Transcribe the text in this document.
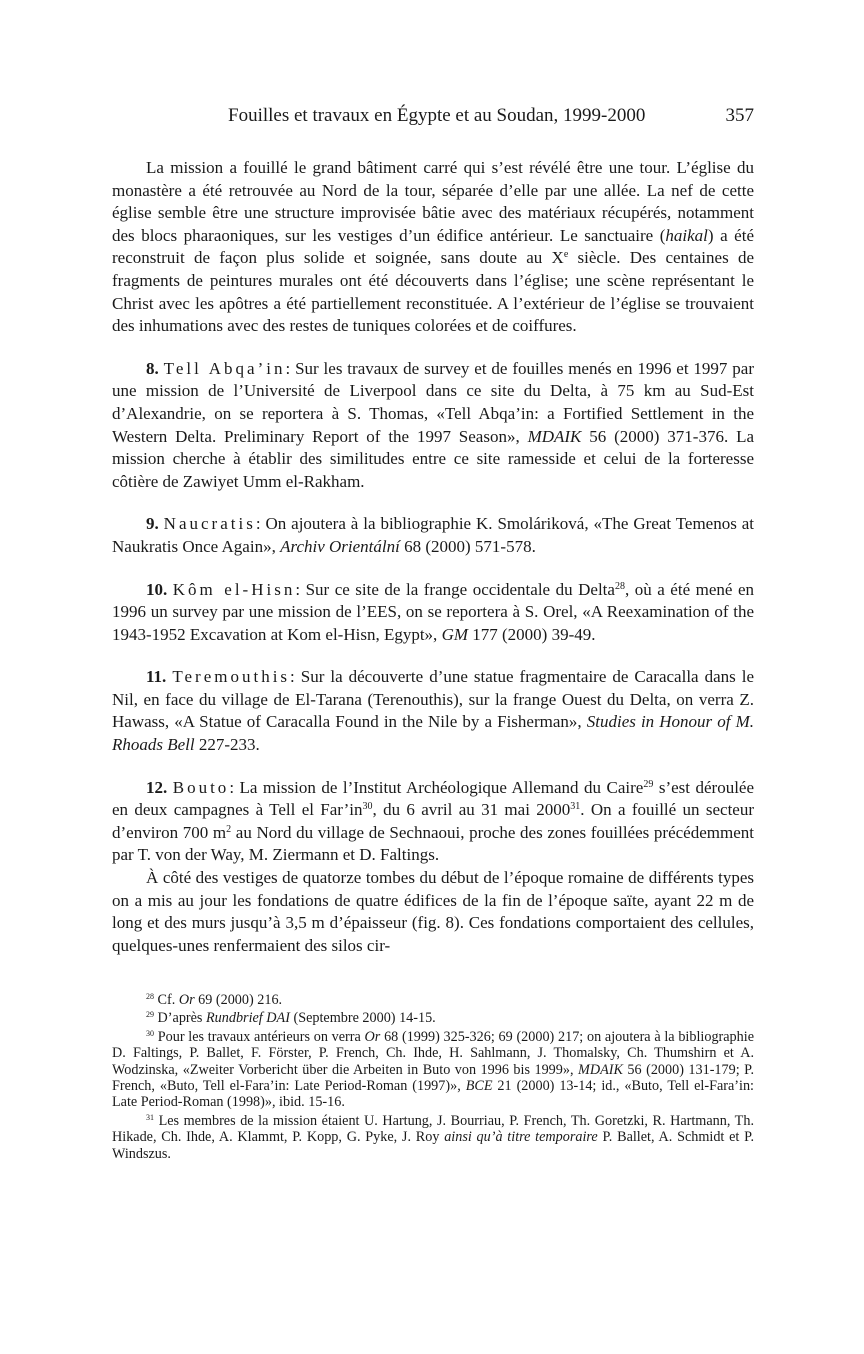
Fouilles et travaux en Égypte et au Soudan, 1999-2000	357

La mission a fouillé le grand bâtiment carré qui s’est révélé être une tour. L’église du monastère a été retrouvée au Nord de la tour, séparée d’elle par une allée. La nef de cette église semble être une structure improvisée bâtie avec des matériaux récupérés, notamment des blocs pharaoniques, sur les vestiges d’un édifice antérieur. Le sanctuaire (haikal) a été reconstruit de façon plus solide et soignée, sans doute au Xe siècle. Des centaines de fragments de peintures murales ont été découverts dans l’église; une scène représentant le Christ avec les apôtres a été partiellement reconstituée. A l’extérieur de l’église se trouvaient des inhumations avec des restes de tuniques colorées et de coiffures.

8. Tell Abqa’in: Sur les travaux de survey et de fouilles menés en 1996 et 1997 par une mission de l’Université de Liverpool dans ce site du Delta, à 75 km au Sud-Est d’Alexandrie, on se reportera à S. Thomas, «Tell Abqa’in: a Fortified Settlement in the Western Delta. Preliminary Report of the 1997 Season», MDAIK 56 (2000) 371-376. La mission cherche à établir des similitudes entre ce site ramesside et celui de la forteresse côtière de Zawiyet Umm el-Rakham.

9. Naucratis: On ajoutera à la bibliographie K. Smoláriková, «The Great Temenos at Naukratis Once Again», Archiv Orientální 68 (2000) 571-578.

10. Kôm el-Hisn: Sur ce site de la frange occidentale du Delta$^{28}$, où a été mené en 1996 un survey par une mission de l’EES, on se reportera à S. Orel, «A Reexamination of the 1943-1952 Excavation at Kom el-Hisn, Egypt», GM 177 (2000) 39-49.

11. Teremouthis: Sur la découverte d’une statue fragmentaire de Caracalla dans le Nil, en face du village de El-Tarana (Terenouthis), sur la frange Ouest du Delta, on verra Z. Hawass, «A Statue of Caracalla Found in the Nile by a Fisherman», Studies in Honour of M. Rhoads Bell 227-233.

12. Bouto: La mission de l’Institut Archéologique Allemand du Caire$^{29}$ s’est déroulée en deux campagnes à Tell el $Far’in^{30}$, du 6 avril au 31 mai 2000$^{31}$. On a fouillé un secteur d’environ 700 $m^2$ au Nord du village de Sechnaoui, proche des zones fouillées précédemment par T. von der Way, M. Ziermann et D. Faltings.

À côté des vestiges de quatorze tombes du début de l’époque romaine de différents types on a mis au jour les fondations de quatre édifices de la fin de l’époque saïte, ayant 22 m de long et des murs jusqu’à 3,5 m d’épaisseur (fig. 8). Ces fondations comportaient des cellules, quelques-unes renfermaient des silos cir-

$^{28}$ Cf. Or 69 (2000) 216.

$^{29}$ D’après Rundbrief DAI (Septembre 2000) 14-15.

$^{30}$ Pour les travaux antérieurs on verra Or 68 (1999) 325-326; 69 (2000) 217; on ajoutera à la bibliographie D. Faltings, P. Ballet, F. Förster, P. French, Ch. Ihde, H. Sahlmann, J. Thomalsky, Ch. Thumshirn et A. Wodzinska, «Zweiter Vorbericht über die Arbeiten in Buto von 1996 bis 1999», MDAIK 56 (2000) 131-179; P. French, «Buto, Tell el-Fara’in: Late Period-Roman (1997)», BCE 21 (2000) 13-14; id., «Buto, Tell el-Fara’in: Late Period-Roman (1998)», ibid. 15-16.

$^{31}$ Les membres de la mission étaient U. Hartung, J. Bourriau, P. French, Th. Goretzki, R. Hartmann, Th. Hikade, Ch. Ihde, A. Klammt, P. Kopp, G. Pyke, J. Roy ainsi qu’à titre temporaire P. Ballet, A. Schmidt et P. Windszus.
